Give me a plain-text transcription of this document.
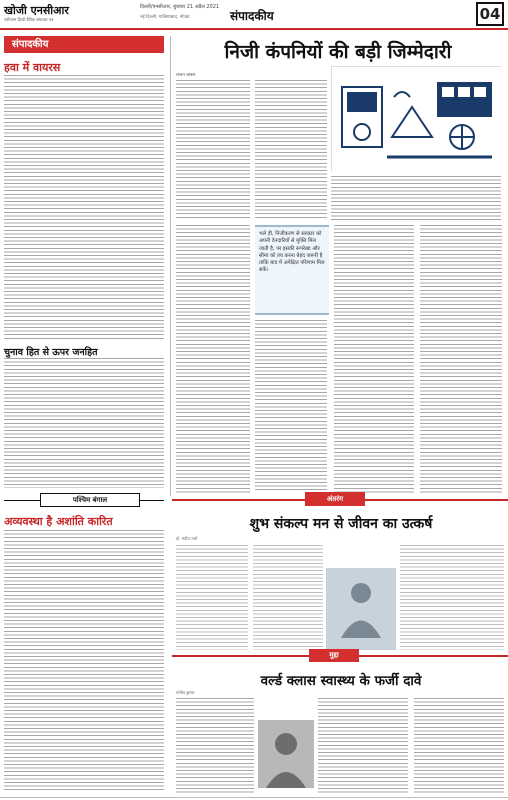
खोजी एनसीआर
नवीनतम हिन्दी दैनिक समाचार पत्र
दिल्ली/एनसीआर, बुधवार 21 अप्रैल 2021
नई दिल्ली, गाजियाबाद, नोएडा	संपादकीय	04
संपादकीय
हवा में वायरस
चुनाव हित से ऊपर जनहित
पश्चिम बंगाल
अव्यवस्था है अशांति कारित
निजी कंपनियों की बड़ी जिम्मेदारी
राजन बाबरा
भले ही, निजीकरण से सरकार को अपनी देनदारियों से मुक्ति मिल जाती है, पर इसकी रूपरेखा और सीमा को तय करना बेहद जरूरी है ताकि बाद में अपेक्षित परिणाम मिल सकें।
अंतरंग
शुभ संकल्प मन से जीवन का उत्कर्ष
डॉ. संदीप शर्मा
मुद्दा
वर्ल्ड क्लास स्वास्थ्य के फर्जी दावे
संजीव कुमार
